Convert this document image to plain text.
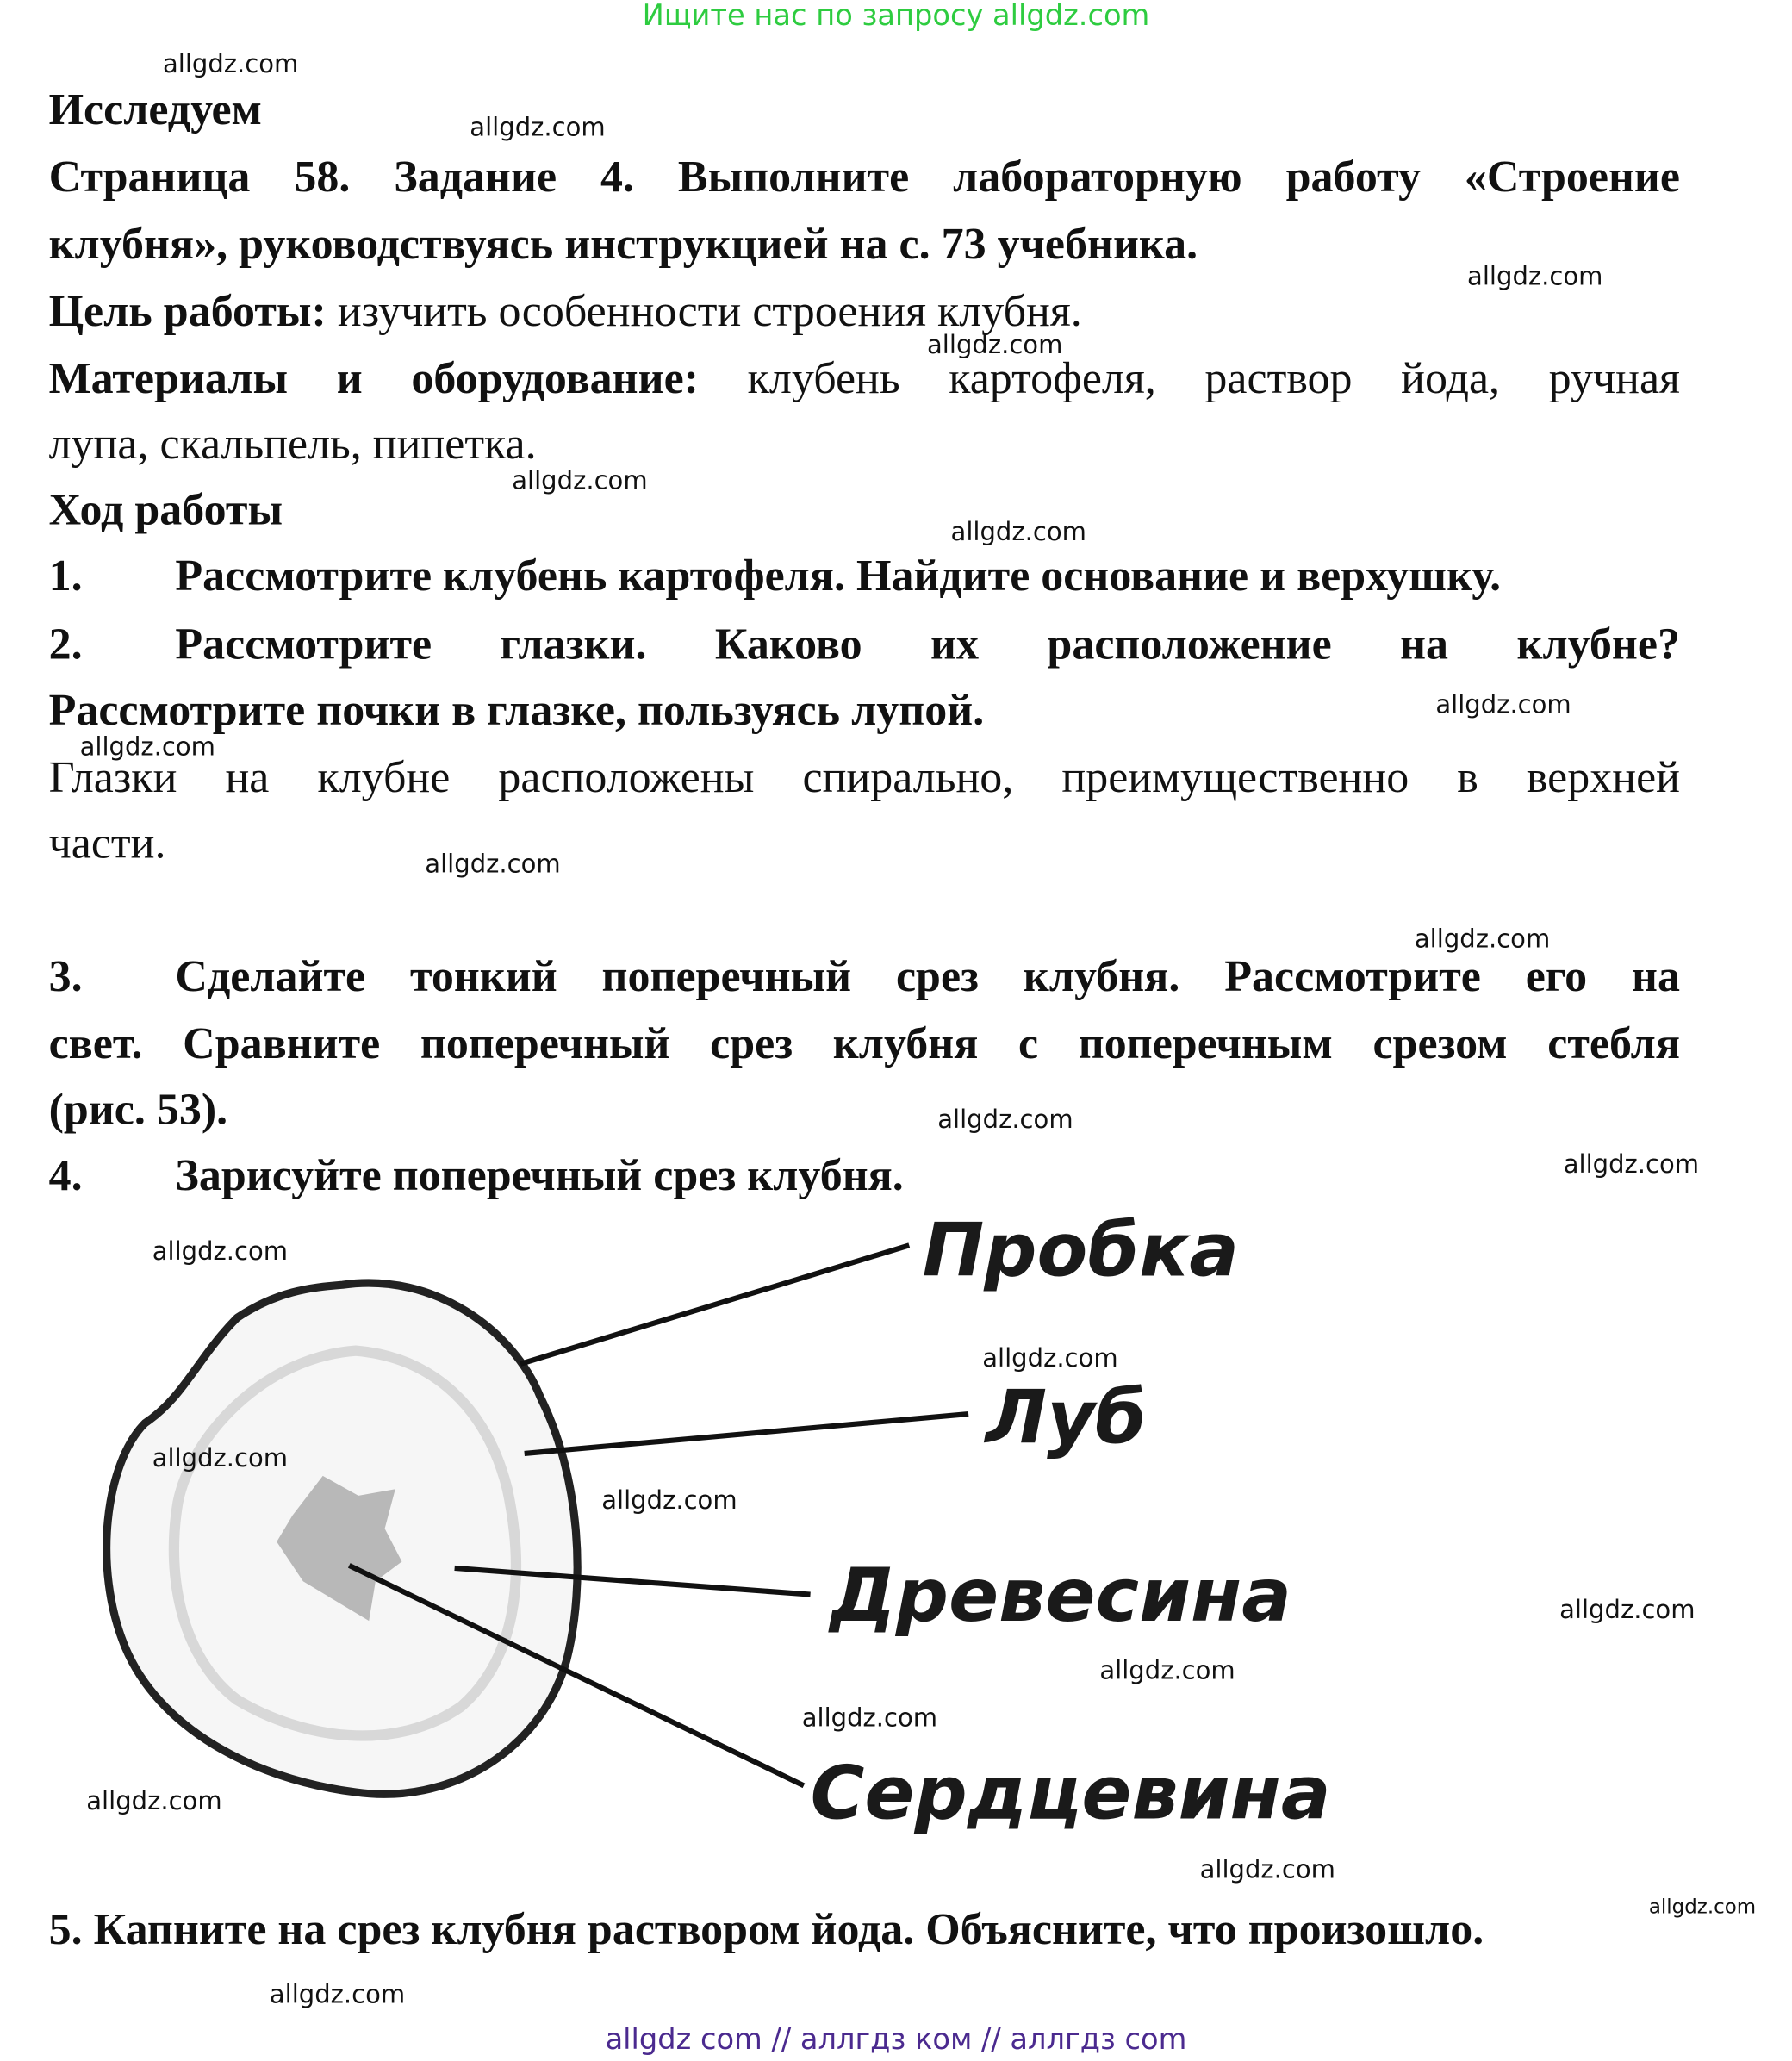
Ищите нас по запросу allgdz.com
Исследуем
Страница 58. Задание 4. Выполните лабораторную работу «Строение
клубня», руководствуясь инструкцией на с. 73 учебника.
Цель работы: изучить особенности строения клубня.
Материалы и оборудование: клубень картофеля, раствор йода, ручная
лупа, скальпель, пипетка.
Ход работы
1.	Рассмотрите клубень картофеля. Найдите основание и верхушку.
2.	Рассмотрите глазки. Каково их расположение на клубне?
Рассмотрите почки в глазке, пользуясь лупой.
Глазки на клубне расположены спирально, преимущественно в верхней
части.
3.	Сделайте тонкий поперечный срез клубня. Рассмотрите его на
свет. Сравните поперечный срез клубня с поперечным срезом стебля
(рис. 53).
4.	Зарисуйте поперечный срез клубня.
Пробка
Луб
Древесина
Сердцевина
5. Капните на срез клубня раствором йода. Объясните, что произошло.
allgdz.com
allgdz.com
allgdz.com
allgdz.com
allgdz.com
allgdz.com
allgdz.com
allgdz.com
allgdz.com
allgdz.com
allgdz.com
allgdz.com
allgdz.com
allgdz.com
allgdz.com
allgdz.com
allgdz.com
allgdz.com
allgdz.com
allgdz.com
allgdz.com
allgdz.com
allgdz.com
allgdz com // аллгдз ком // аллгдз com
